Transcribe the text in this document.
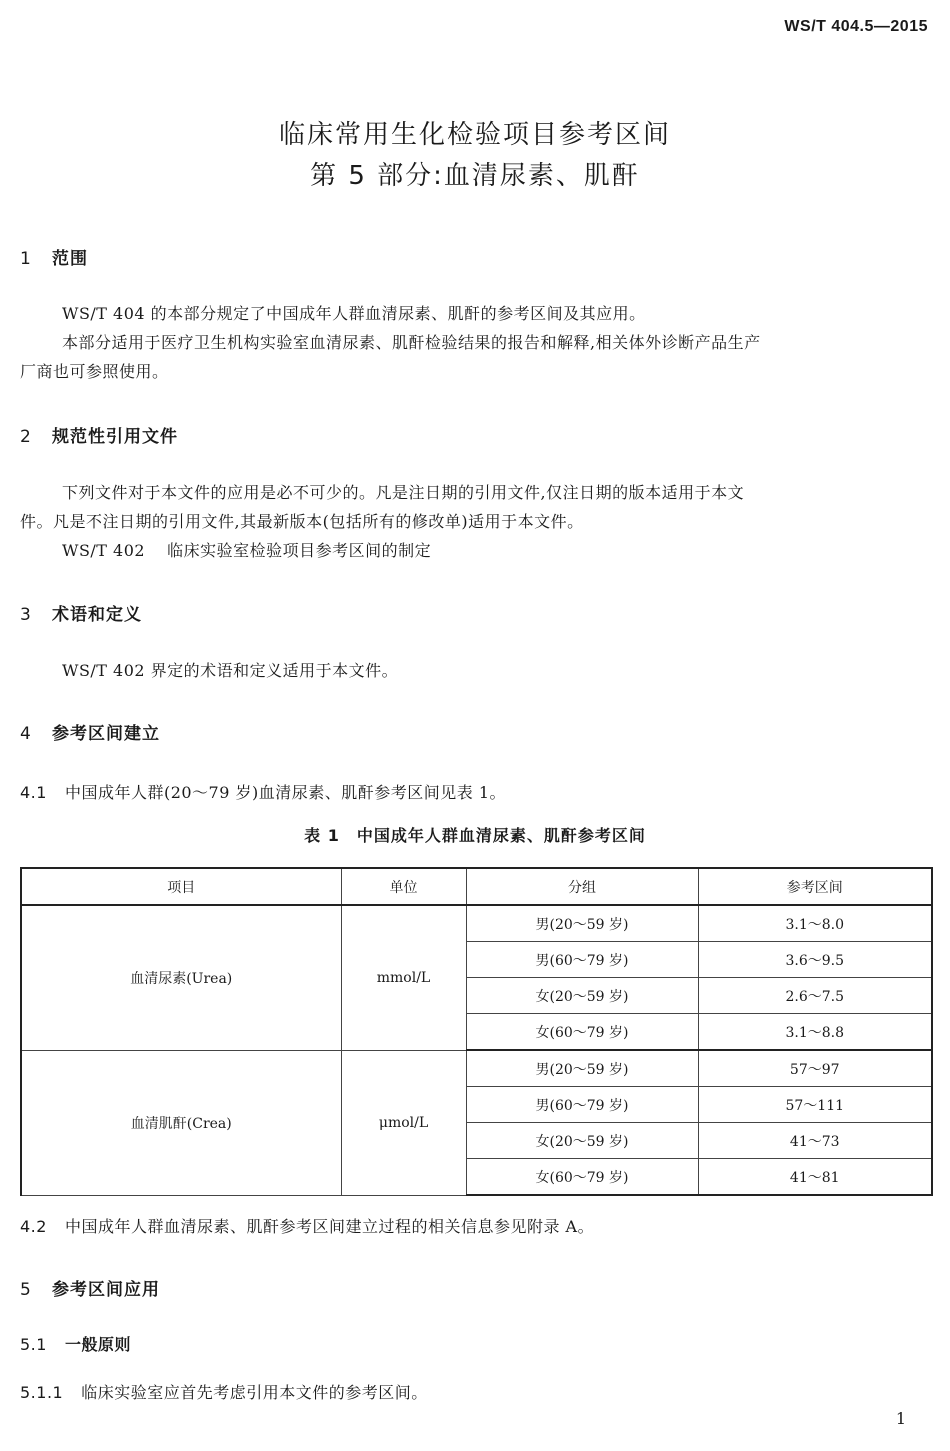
WS/T 404.5—2015
临床常用生化检验项目参考区间
第 5 部分:血清尿素、肌酐
1 范围
WS/T 404 的本部分规定了中国成年人群血清尿素、肌酐的参考区间及其应用。
本部分适用于医疗卫生机构实验室血清尿素、肌酐检验结果的报告和解释,相关体外诊断产品生产
厂商也可参照使用。
2 规范性引用文件
下列文件对于本文件的应用是必不可少的。凡是注日期的引用文件,仅注日期的版本适用于本文
件。凡是不注日期的引用文件,其最新版本(包括所有的修改单)适用于本文件。
WS/T 402 临床实验室检验项目参考区间的制定
3 术语和定义
WS/T 402 界定的术语和定义适用于本文件。
4 参考区间建立
4.1 中国成年人群(20～79 岁)血清尿素、肌酐参考区间见表 1。
表 1　中国成年人群血清尿素、肌酐参考区间
项目	单位	分组	参考区间
血清尿素(Urea)	mmol/L	男(20～59 岁)	3.1～8.0
		男(60～79 岁)	3.6～9.5
		女(20～59 岁)	2.6～7.5
		女(60～79 岁)	3.1～8.8
血清肌酐(Crea)	μmol/L	男(20～59 岁)	57～97
		男(60～79 岁)	57～111
		女(20～59 岁)	41～73
		女(60～79 岁)	41～81
4.2 中国成年人群血清尿素、肌酐参考区间建立过程的相关信息参见附录 A。
5 参考区间应用
5.1 一般原则
5.1.1 临床实验室应首先考虑引用本文件的参考区间。
1
